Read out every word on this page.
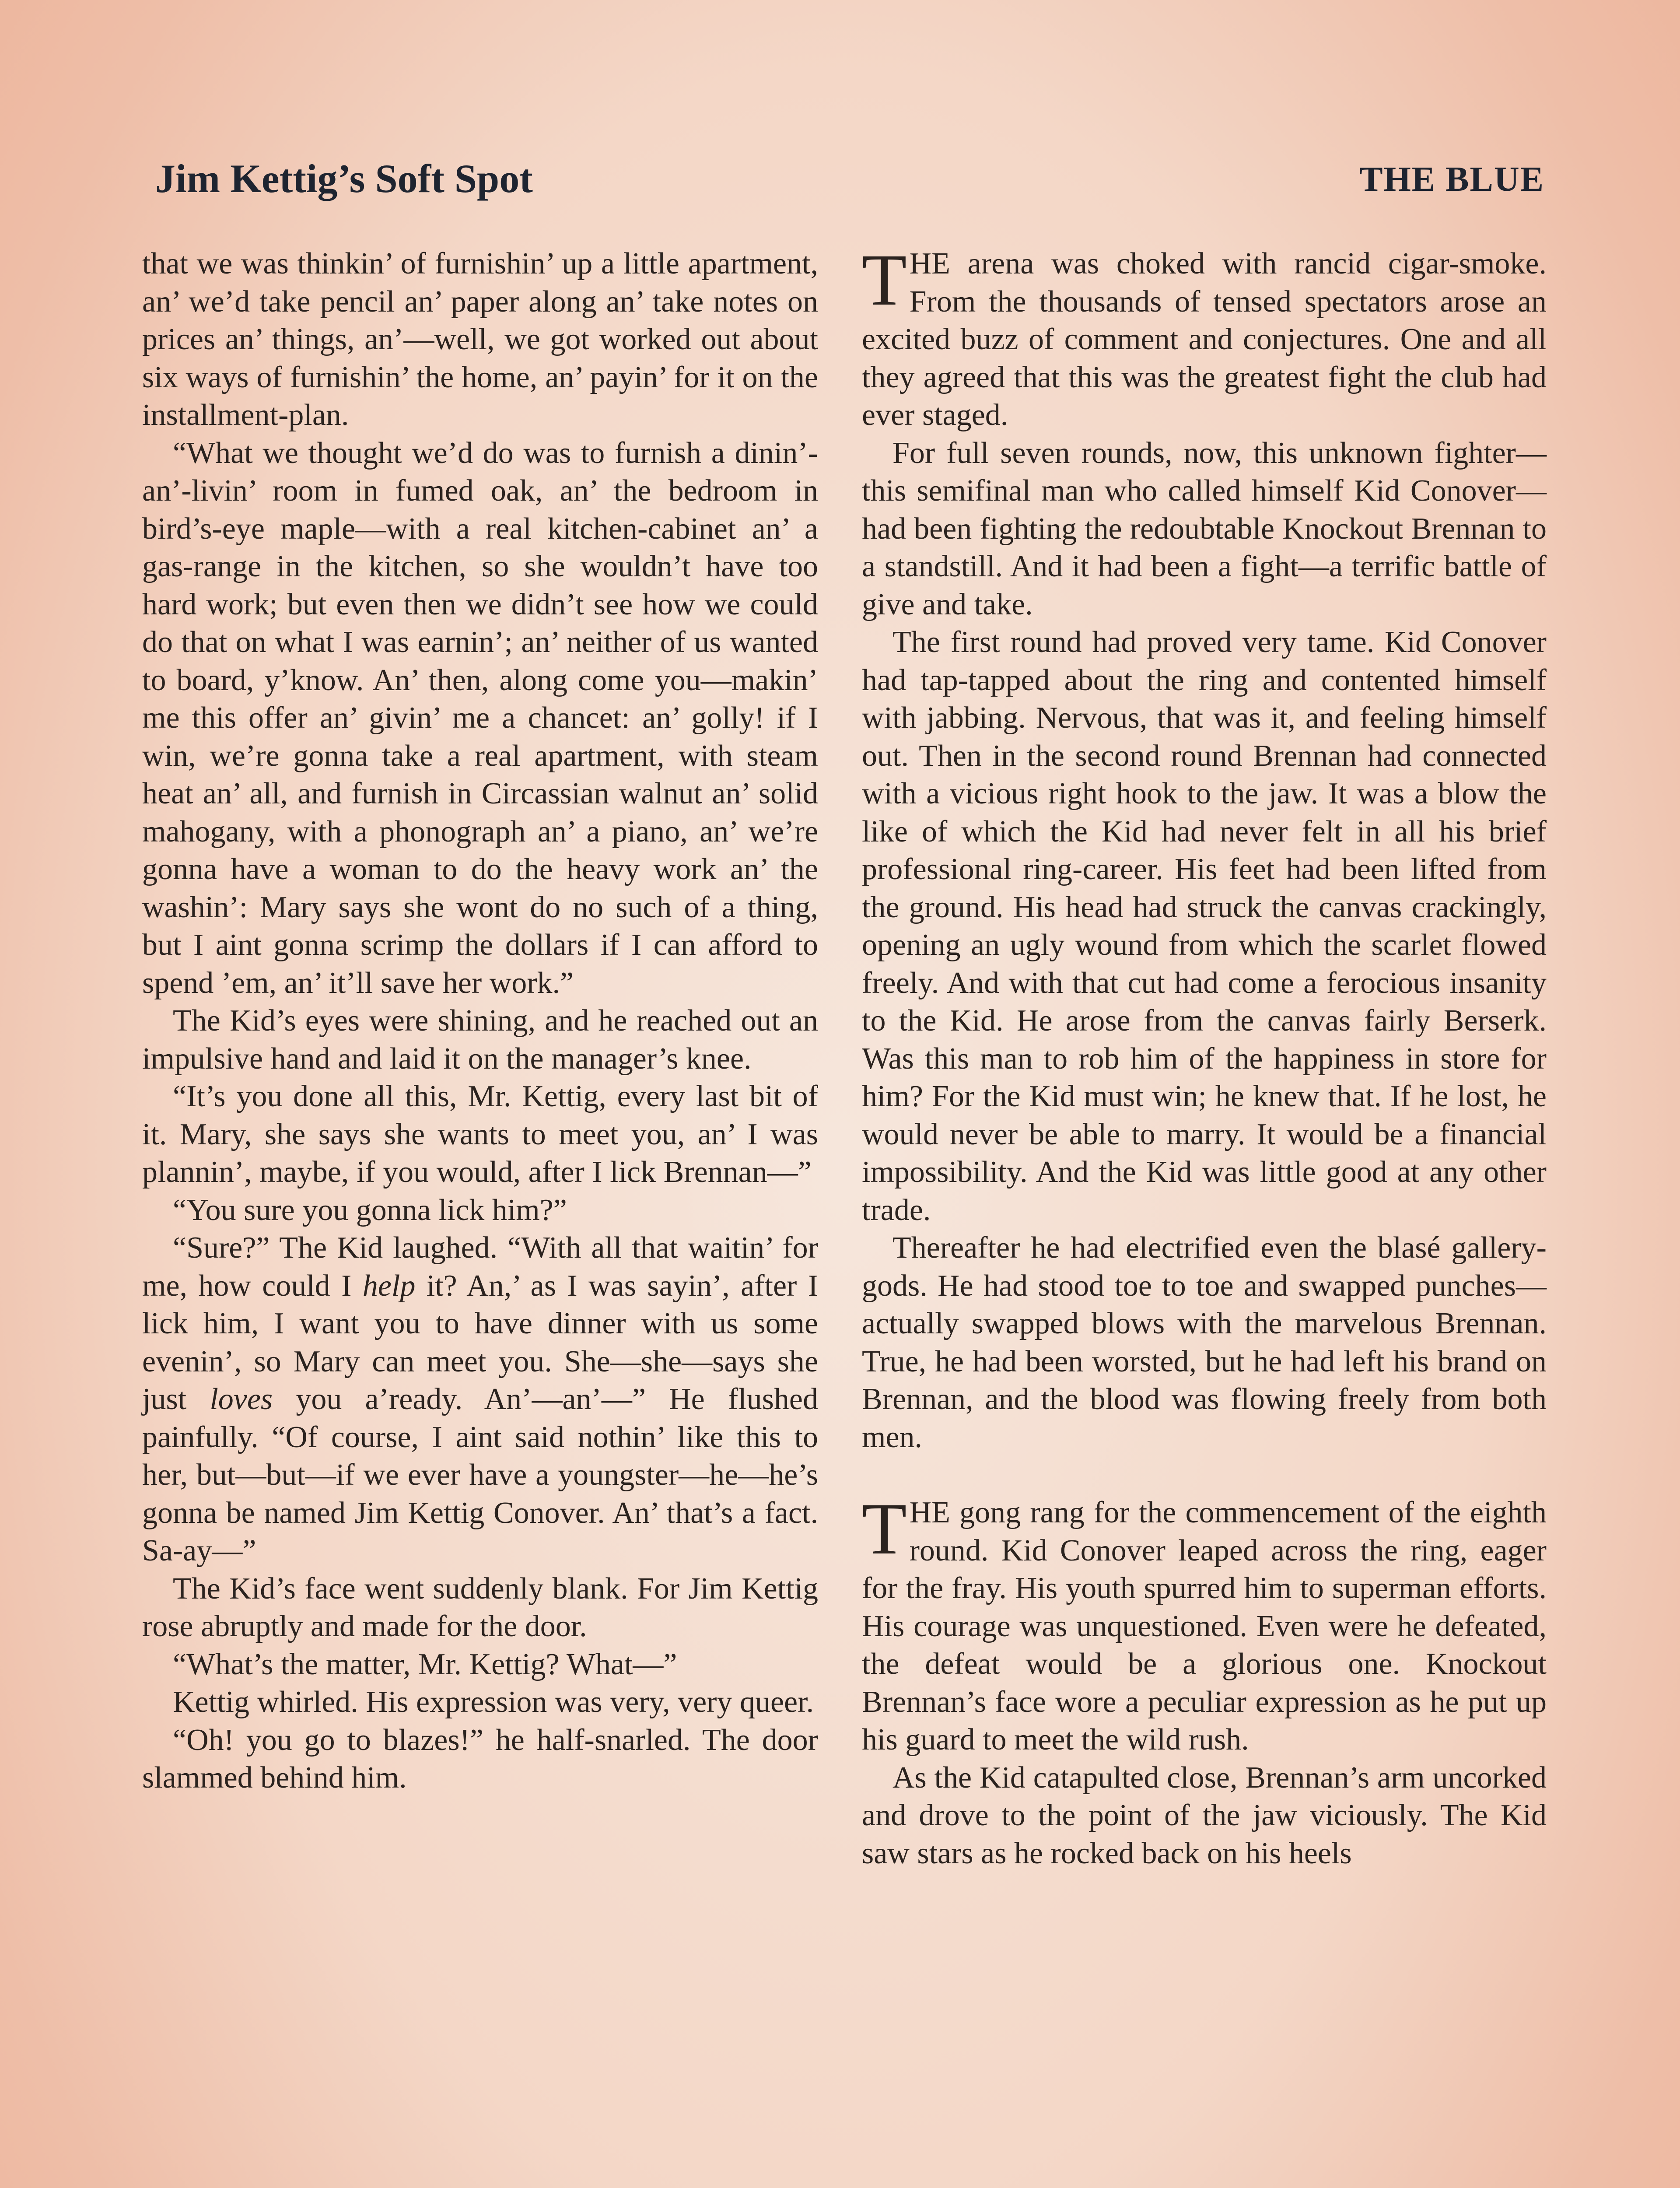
Jim Kettig’s Soft Spot	THE BLUE

that we was thinkin’ of furnishin’ up a little apartment, an’ we’d take pencil an’ paper along an’ take notes on prices an’ things, an’—well, we got worked out about six ways of furnishin’ the home, an’ payin’ for it on the installment-plan.

“What we thought we’d do was to furnish a dinin’-an’-livin’ room in fumed oak, an’ the bedroom in bird’s-eye maple—with a real kitchen-cabinet an’ a gas-range in the kitchen, so she wouldn’t have too hard work; but even then we didn’t see how we could do that on what I was earnin’; an’ neither of us wanted to board, y’know. An’ then, along come you—makin’ me this offer an’ givin’ me a chancet: an’ golly! if I win, we’re gonna take a real apartment, with steam heat an’ all, and furnish in Circassian walnut an’ solid mahogany, with a phonograph an’ a piano, an’ we’re gonna have a woman to do the heavy work an’ the washin’: Mary says she wont do no such of a thing, but I aint gonna scrimp the dollars if I can afford to spend ’em, an’ it’ll save her work.”

The Kid’s eyes were shining, and he reached out an impulsive hand and laid it on the manager’s knee.

“It’s you done all this, Mr. Kettig, every last bit of it. Mary, she says she wants to meet you, an’ I was plannin’, maybe, if you would, after I lick Brennan—”

“You sure you gonna lick him?”

“Sure?” The Kid laughed. “With all that waitin’ for me, how could I help it? An,’ as I was sayin’, after I lick him, I want you to have dinner with us some evenin’, so Mary can meet you. She—she—says she just loves you a’ready. An’—an’—” He flushed painfully. “Of course, I aint said nothin’ like this to her, but—but—if we ever have a youngster—he—he’s gonna be named Jim Kettig Conover. An’ that’s a fact. Sa-ay—”

The Kid’s face went suddenly blank. For Jim Kettig rose abruptly and made for the door.

“What’s the matter, Mr. Kettig? What—”

Kettig whirled. His expression was very, very queer.

“Oh! you go to blazes!” he half-snarled. The door slammed behind him.

THE arena was choked with rancid cigar-smoke. From the thousands of tensed spectators arose an excited buzz of comment and conjectures. One and all they agreed that this was the greatest fight the club had ever staged.

For full seven rounds, now, this unknown fighter—this semifinal man who called himself Kid Conover—had been fighting the redoubtable Knockout Brennan to a standstill. And it had been a fight—a terrific battle of give and take.

The first round had proved very tame. Kid Conover had tap-tapped about the ring and contented himself with jabbing. Nervous, that was it, and feeling himself out. Then in the second round Brennan had connected with a vicious right hook to the jaw. It was a blow the like of which the Kid had never felt in all his brief professional ring-career. His feet had been lifted from the ground. His head had struck the canvas crackingly, opening an ugly wound from which the scarlet flowed freely. And with that cut had come a ferocious insanity to the Kid. He arose from the canvas fairly Berserk. Was this man to rob him of the happiness in store for him? For the Kid must win; he knew that. If he lost, he would never be able to marry. It would be a financial impossibility. And the Kid was little good at any other trade.

Thereafter he had electrified even the blasé gallery-gods. He had stood toe to toe and swapped punches—actually swapped blows with the marvelous Brennan. True, he had been worsted, but he had left his brand on Brennan, and the blood was flowing freely from both men.

THE gong rang for the commencement of the eighth round. Kid Conover leaped across the ring, eager for the fray. His youth spurred him to superman efforts. His courage was unquestioned. Even were he defeated, the defeat would be a glorious one. Knockout Brennan’s face wore a peculiar expression as he put up his guard to meet the wild rush.

As the Kid catapulted close, Brennan’s arm uncorked and drove to the point of the jaw viciously. The Kid saw stars as he rocked back on his heels
